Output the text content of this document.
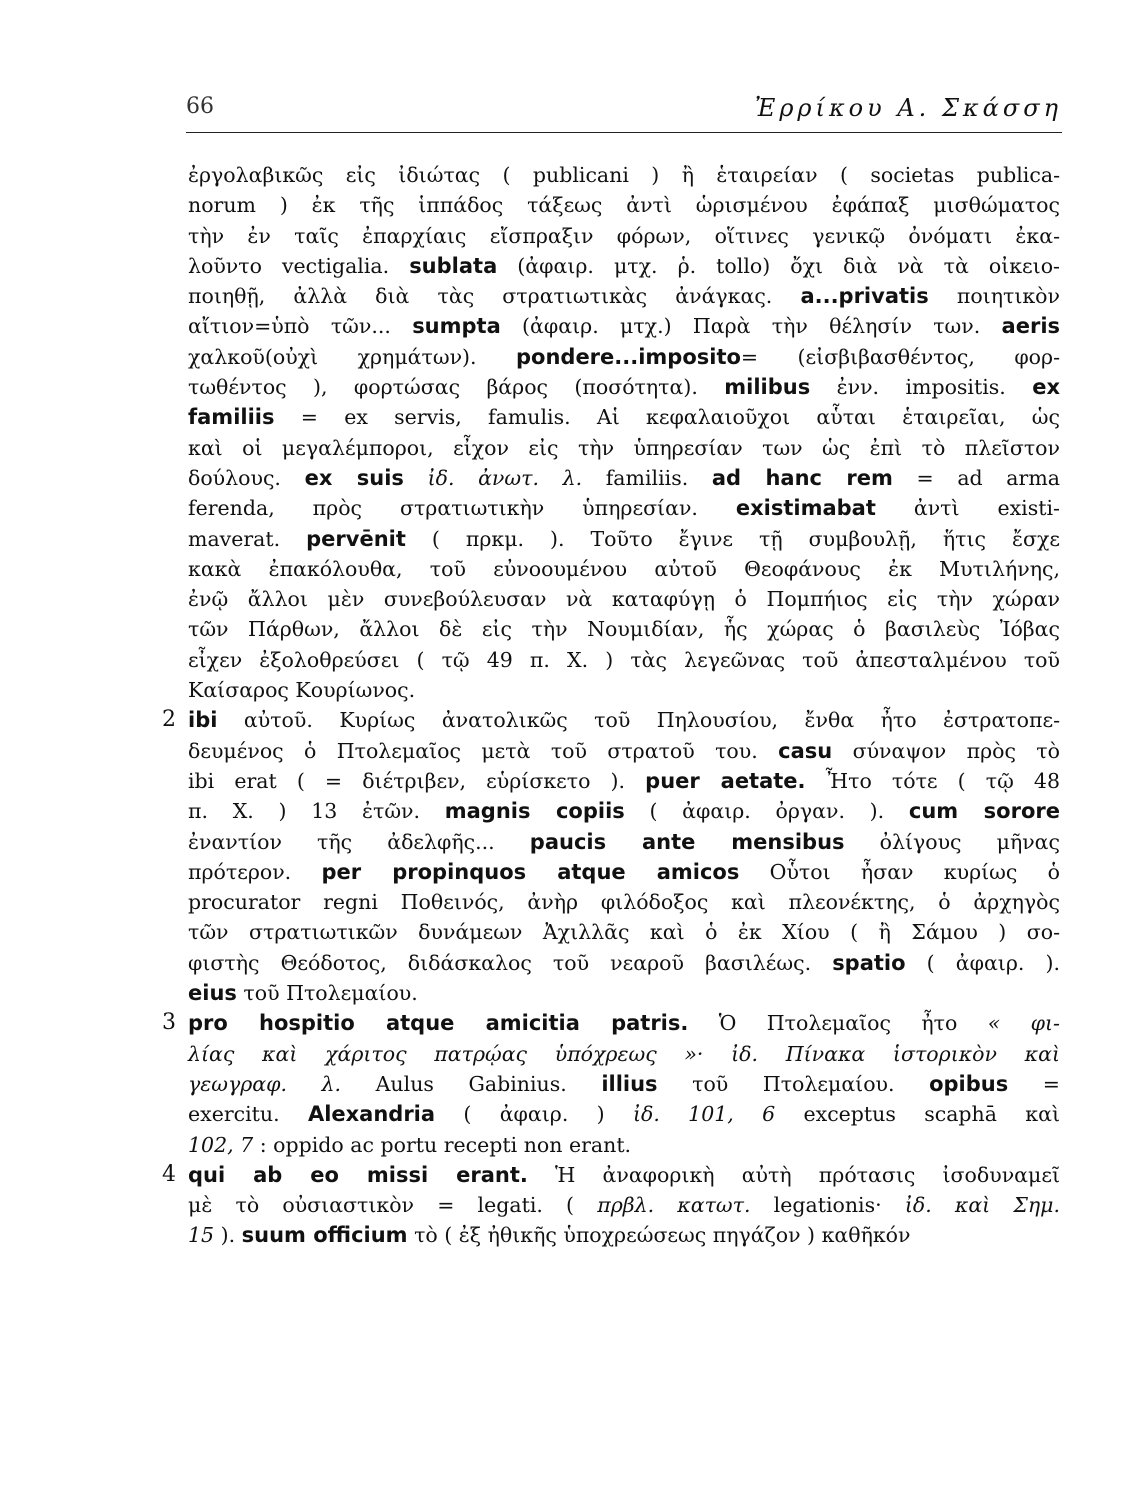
66	Ἐρρίκου Α. Σκάσση
ἐργολαβικῶς εἰς ἰδιώτας ( publicani ) ἢ ἑταιρείαν ( societas publica-
norum ) ἐκ τῆς ἱππάδος τάξεως ἀντὶ ὡρισμένου ἐφάπαξ μισθώματος
τὴν ἐν ταῖς ἐπαρχίαις εἴσπραξιν φόρων, οἵτινες γενικῷ ὀνόματι ἐκα-
λοῦντο vectigalia. sublata (ἀφαιρ. μτχ. ῥ. tollo) ὄχι διὰ νὰ τὰ οἰκειο-
ποιηθῇ, ἀλλὰ διὰ τὰς στρατιωτικὰς ἀνάγκας. a...privatis ποιητικὸν
αἴτιον=ὑπὸ τῶν... sumpta (ἀφαιρ. μτχ.) Παρὰ τὴν θέλησίν των. aeris
χαλκοῦ(οὐχὶ χρημάτων). pondere...imposito= (εἰσβιβασθέντος, φορ-
τωθέντος ), φορτώσας βάρος (ποσότητα). milibus ἐνν. impositis. ex
familiis = ex servis, famulis. Αἱ κεφαλαιοῦχοι αὗται ἑταιρεῖαι, ὡς
καὶ οἱ μεγαλέμποροι, εἶχον εἰς τὴν ὑπηρεσίαν των ὡς ἐπὶ τὸ πλεῖστον
δούλους. ex suis ἰδ. ἀνωτ. λ. familiis. ad hanc rem = ad arma
ferenda, πρὸς στρατιωτικὴν ὑπηρεσίαν. existimabat ἀντὶ existi-
maverat. pervēnit ( πρκμ. ). Τοῦτο ἔγινε τῇ συμβουλῇ, ἥτις ἔσχε
κακὰ ἐπακόλουθα, τοῦ εὐνοουμένου αὐτοῦ Θεοφάνους ἐκ Μυτιλήνης,
ἐνῷ ἄλλοι μὲν συνεβούλευσαν νὰ καταφύγῃ ὁ Πομπήιος εἰς τὴν χώραν
τῶν Πάρθων, ἄλλοι δὲ εἰς τὴν Νουμιδίαν, ἧς χώρας ὁ βασιλεὺς Ἰόβας
εἶχεν ἐξολοθρεύσει ( τῷ 49 π. Χ. ) τὰς λεγεῶνας τοῦ ἀπεσταλμένου τοῦ
Καίσαρος Κουρίωνος.
2 ibi αὐτοῦ. Κυρίως ἀνατολικῶς τοῦ Πηλουσίου, ἔνθα ἦτο ἐστρατοπε-
δευμένος ὁ Πτολεμαῖος μετὰ τοῦ στρατοῦ του. casu σύναψον πρὸς τὸ
ibi erat ( = διέτριβεν, εὑρίσκετο ). puer aetate. Ἦτο τότε ( τῷ 48
π. Χ. ) 13 ἐτῶν. magnis copiis ( ἀφαιρ. ὀργαν. ). cum sorore
ἐναντίον τῆς ἀδελφῆς... paucis ante mensibus ὀλίγους μῆνας
πρότερον. per propinquos atque amicos Οὗτοι ἦσαν κυρίως ὁ
procurator regni Ποθεινός, ἀνὴρ φιλόδοξος καὶ πλεονέκτης, ὁ ἀρχηγὸς
τῶν στρατιωτικῶν δυνάμεων Ἀχιλλᾶς καὶ ὁ ἐκ Χίου ( ἢ Σάμου ) σο-
φιστὴς Θεόδοτος, διδάσκαλος τοῦ νεαροῦ βασιλέως. spatio ( ἀφαιρ. ).
eius τοῦ Πτολεμαίου.
3 pro hospitio atque amicitia patris. Ὁ Πτολεμαῖος ἦτο « φι-
λίας καὶ χάριτος πατρῴας ὑπόχρεως »· ἰδ. Πίνακα ἱστορικὸν καὶ
γεωγραφ. λ. Aulus Gabinius. illius τοῦ Πτολεμαίου. opibus =
exercitu. Alexandria ( ἀφαιρ. ) ἰδ. 101, 6 exceptus scaphā καὶ
102, 7 : oppido ac portu recepti non erant.
4 qui ab eo missi erant. Ἡ ἀναφορικὴ αὐτὴ πρότασις ἰσοδυναμεῖ
μὲ τὸ οὐσιαστικὸν = legati. ( πρβλ. κατωτ. legationis· ἰδ. καὶ Σημ.
15 ). suum officium τὸ ( ἐξ ἠθικῆς ὑποχρεώσεως πηγάζον ) καθῆκόν
